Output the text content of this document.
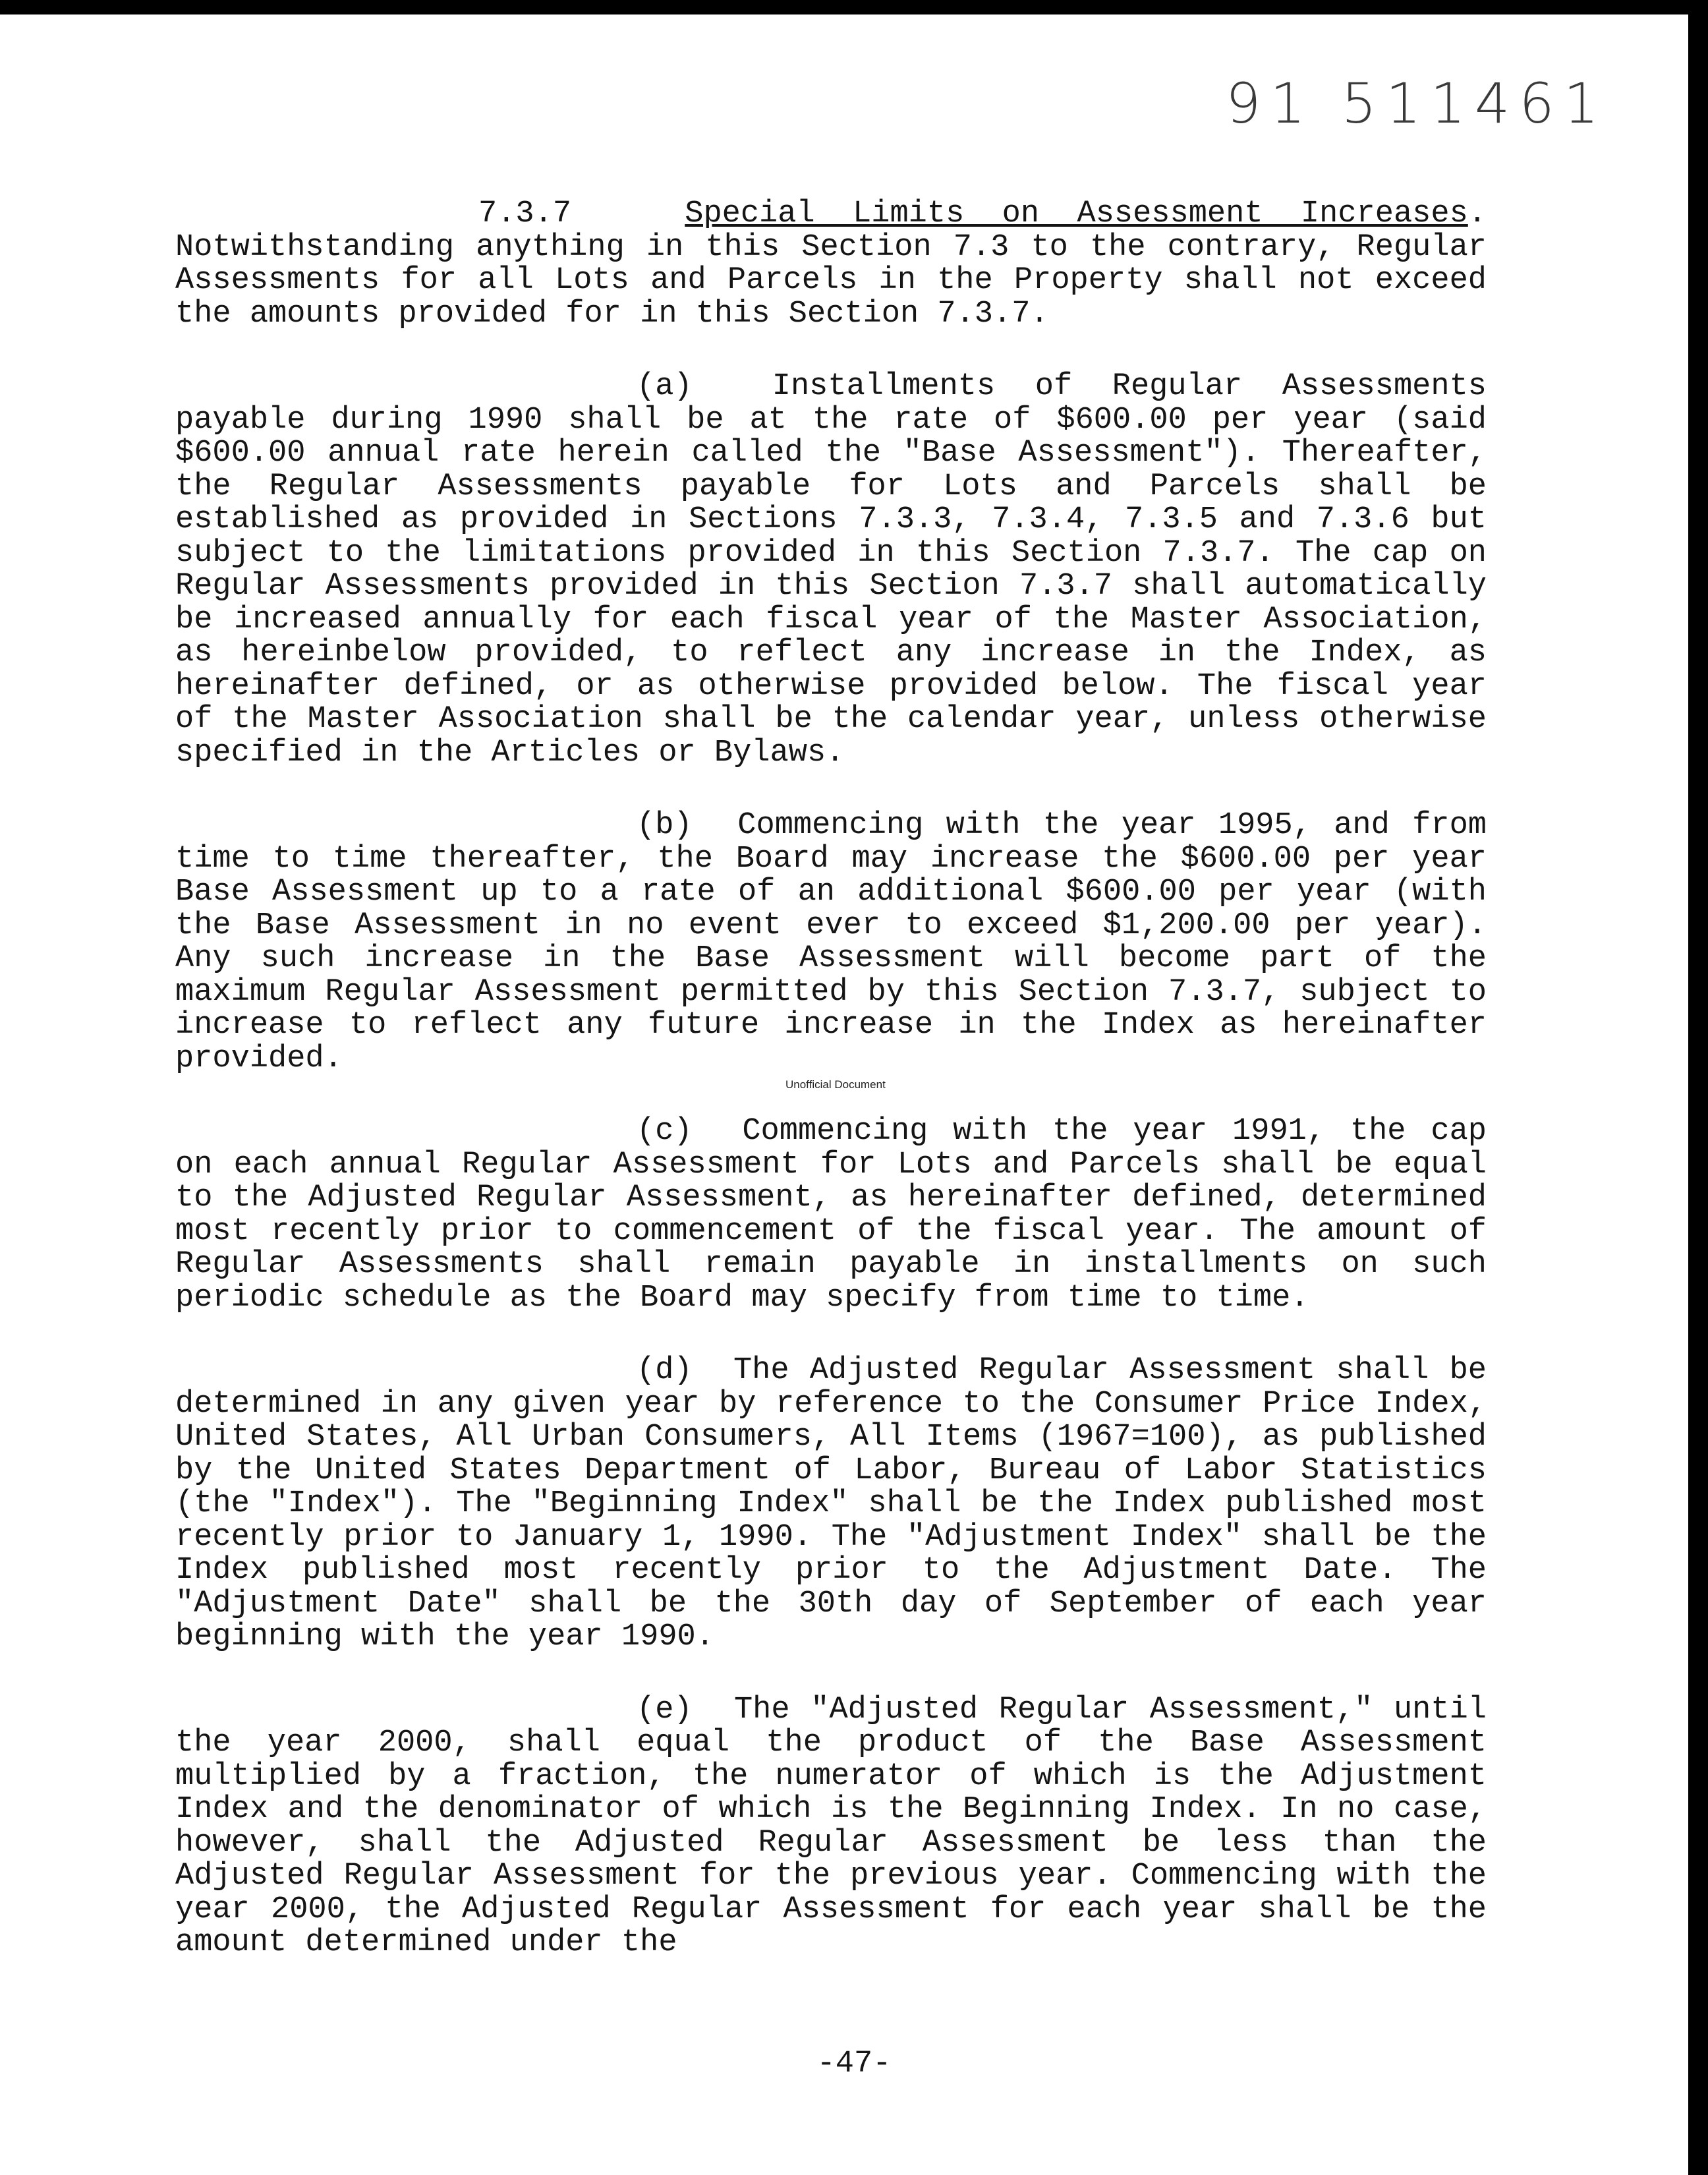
91 511461

7.3.7	Special Limits on Assessment Increases. Notwithstanding anything in this Section 7.3 to the contrary, Regular Assessments for all Lots and Parcels in the Property shall not exceed the amounts provided for in this Section 7.3.7.

(a)	Installments of Regular Assessments payable during 1990 shall be at the rate of $600.00 per year (said $600.00 annual rate herein called the "Base Assessment"). Thereafter, the Regular Assessments payable for Lots and Parcels shall be established as provided in Sections 7.3.3, 7.3.4, 7.3.5 and 7.3.6 but subject to the limitations provided in this Section 7.3.7. The cap on Regular Assessments provided in this Section 7.3.7 shall automatically be increased annually for each fiscal year of the Master Association, as hereinbelow provided, to reflect any increase in the Index, as hereinafter defined, or as otherwise provided below. The fiscal year of the Master Association shall be the calendar year, unless otherwise specified in the Articles or Bylaws.

(b) Commencing with the year 1995, and from time to time thereafter, the Board may increase the $600.00 per year Base Assessment up to a rate of an additional $600.00 per year (with the Base Assessment in no event ever to exceed $1,200.00 per year). Any such increase in the Base Assessment will become part of the maximum Regular Assessment permitted by this Section 7.3.7, subject to increase to reflect any future increase in the Index as hereinafter provided.

(c) Commencing with the year 1991, the cap on each annual Regular Assessment for Lots and Parcels shall be equal to the Adjusted Regular Assessment, as hereinafter defined, determined most recently prior to commencement of the fiscal year. The amount of Regular Assessments shall remain payable in installments on such periodic schedule as the Board may specify from time to time.

(d) The Adjusted Regular Assessment shall be determined in any given year by reference to the Consumer Price Index, United States, All Urban Consumers, All Items (1967=100), as published by the United States Department of Labor, Bureau of Labor Statistics (the "Index"). The "Beginning Index" shall be the Index published most recently prior to January 1, 1990. The "Adjustment Index" shall be the Index published most recently prior to the Adjustment Date. The "Adjustment Date" shall be the 30th day of September of each year beginning with the year 1990.

(e) The "Adjusted Regular Assessment," until the year 2000, shall equal the product of the Base Assessment multiplied by a fraction, the numerator of which is the Adjustment Index and the denominator of which is the Beginning Index. In no case, however, shall the Adjusted Regular Assessment be less than the Adjusted Regular Assessment for the previous year. Commencing with the year 2000, the Adjusted Regular Assessment for each year shall be the amount determined under the

Unofficial Document
-47-
